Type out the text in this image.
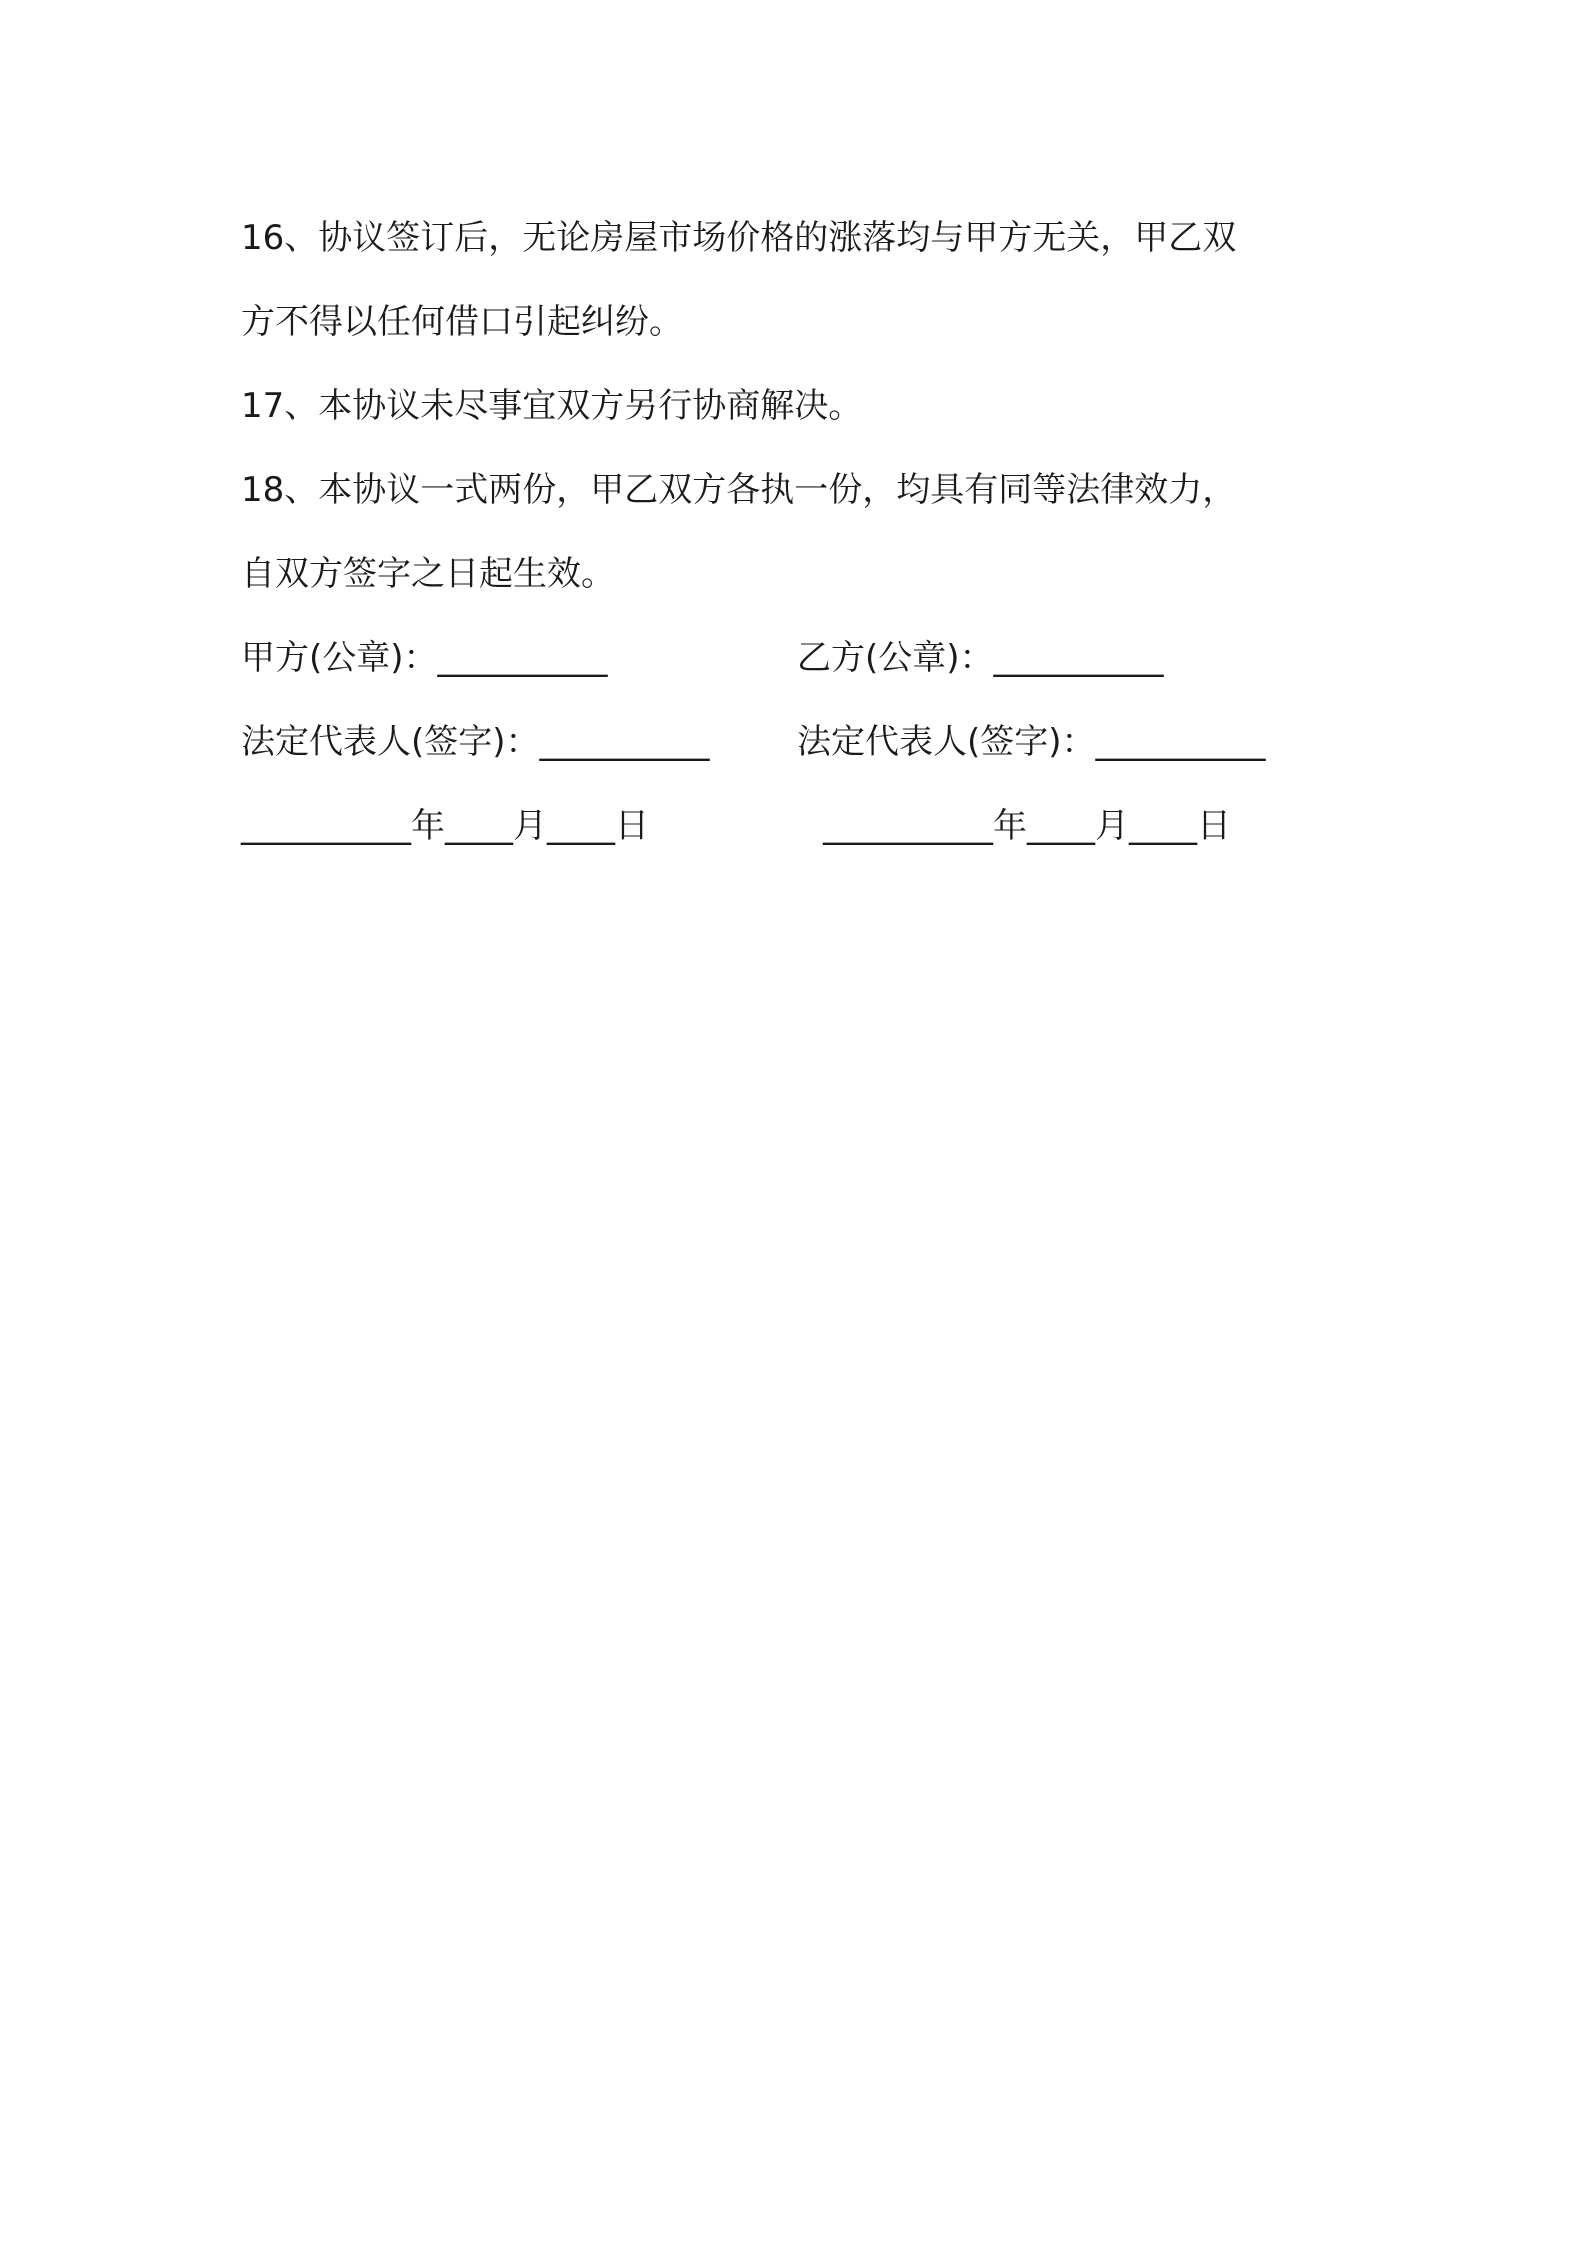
16、协议签订后，无论房屋市场价格的涨落均与甲方无关，甲乙双

方不得以任何借口引起纠纷。

17、本协议未尽事宜双方另行协商解决。

18、本协议一式两份，甲乙双方各执一份，均具有同等法律效力，

自双方签字之日起生效。

甲方(公章)：__________	乙方(公章)：__________
法定代表人(签字)：__________	法定代表人(签字)：__________
__________年____月____日	__________年____月____日
